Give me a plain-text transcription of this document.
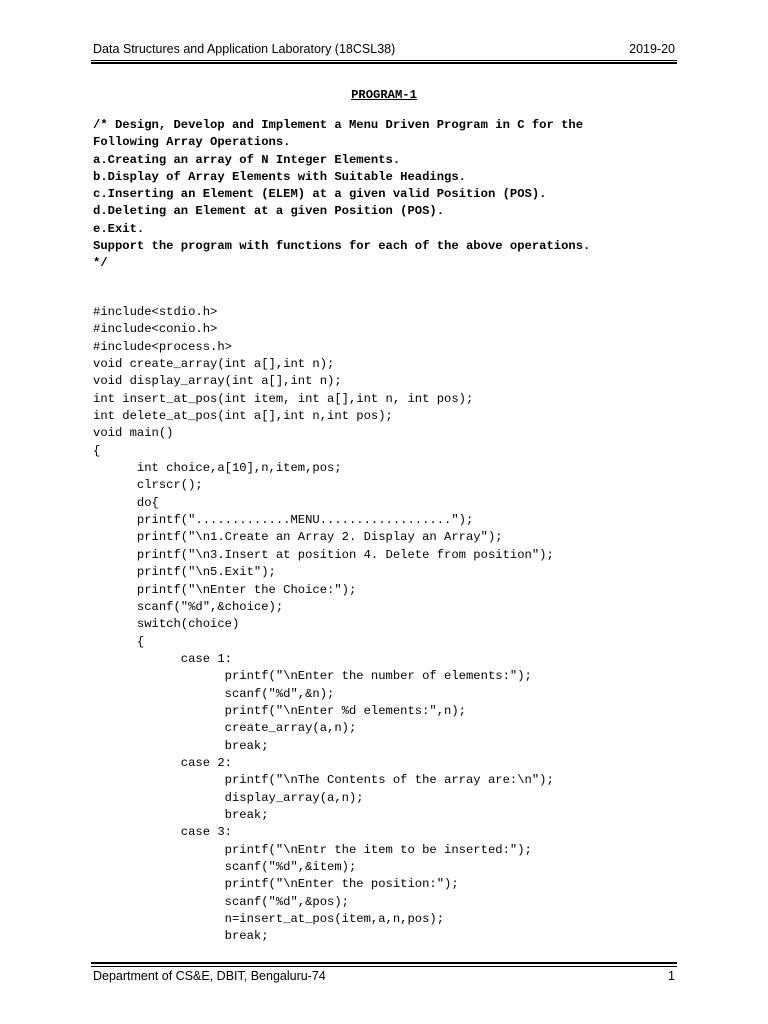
Data Structures and Application Laboratory (18CSL38)	2019-20
PROGRAM-1
/* Design, Develop and Implement a Menu Driven Program in C for the
Following Array Operations.
a.Creating an array of N Integer Elements.
b.Display of Array Elements with Suitable Headings.
c.Inserting an Element (ELEM) at a given valid Position (POS).
d.Deleting an Element at a given Position (POS).
e.Exit.
Support the program with functions for each of the above operations.
*/
#include<stdio.h>
#include<conio.h>
#include<process.h>
void create_array(int a[],int n);
void display_array(int a[],int n);
int insert_at_pos(int item, int a[],int n, int pos);
int delete_at_pos(int a[],int n,int pos);
void main()
{
int choice,a[10],n,item,pos;
clrscr();
do{
printf(".............MENU..................");
printf("\n1.Create an Array 2. Display an Array");
printf("\n3.Insert at position 4. Delete from position");
printf("\n5.Exit");
printf("\nEnter the Choice:");
scanf("%d",&choice);
switch(choice)
{
case 1:
printf("\nEnter the number of elements:");
scanf("%d",&n);
printf("\nEnter %d elements:",n);
create_array(a,n);
break;
case 2:
printf("\nThe Contents of the array are:\n");
display_array(a,n);
break;
case 3:
printf("\nEntr the item to be inserted:");
scanf("%d",&item);
printf("\nEnter the position:");
scanf("%d",&pos);
n=insert_at_pos(item,a,n,pos);
break;
Department of CS&E, DBIT, Bengaluru-74	1
